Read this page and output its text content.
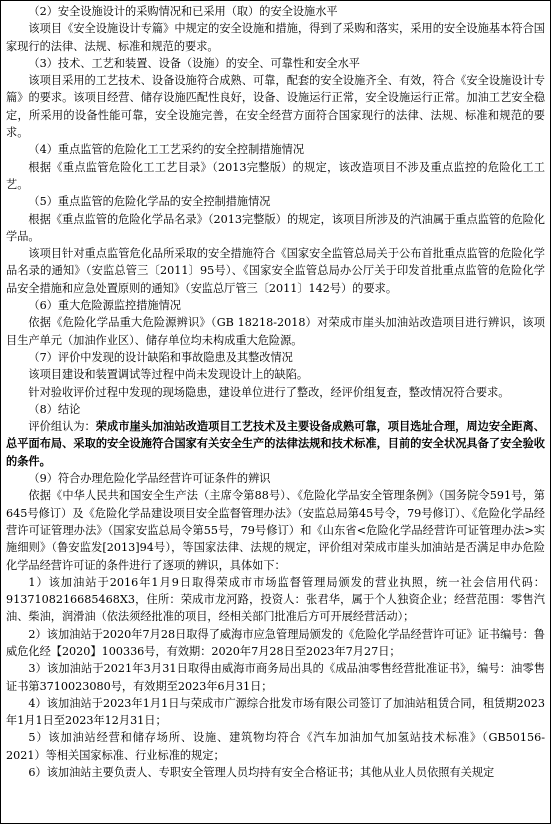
（2）安全设施设计的采购情况和已采用（取）的安全设施水平

该项目《安全设施设计专篇》中规定的安全设施和措施，得到了采购和落实，采用的安全设施基本符合国家现行的法律、法规、标准和规范的要求。

（3）技术、工艺和装置、设备（设施）的安全、可靠性和安全水平

该项目采用的工艺技术、设备设施符合成熟、可靠，配套的安全设施齐全、有效，符合《安全设施设计专篇》的要求。该项目经营、储存设施匹配性良好，设备、设施运行正常，安全设施运行正常。加油工艺安全稳定，所采用的设备性能可靠，安全设施完善，在安全经营方面符合国家现行的法律、法规、标准和规范的要求。

（4）重点监管的危险化工工艺采约的安全控制措施情况

根据《重点监管危险化工工艺目录》（2013完整版）的规定，该改造项目不涉及重点监控的危险化工工艺。

（5）重点监管的危险化学品的安全控制措施情况

根据《重点监管的危险化学品名录》（2013完整版）的规定，该项目所涉及的汽油属于重点监管的危险化学品。

该项目针对重点监管危化品所采取的安全措施符合《国家安全监管总局关于公布首批重点监管的危险化学品名录的通知》（安监总管三〔2011〕95号）、《国家安全监管总局办公厅关于印发首批重点监管的危险化学品安全措施和应急处置原则的通知》（安监总厅管三〔2011〕142号）的要求。

（6）重大危险源监控措施情况

依据《危险化学品重大危险源辨识》（GB 18218-2018）对荣成市崖头加油站改造项目进行辨识，该项目生产单元（加油作业区）、储存单位均未构成重大危险源。

（7）评价中发现的设计缺陷和事故隐患及其整改情况

该项目建设和装置调试等过程中尚未发现设计上的缺陷。

针对验收评价过程中发现的现场隐患，建设单位进行了整改，经评价组复查，整改情况符合要求。

（8）结论

评价组认为：荣成市崖头加油站改造项目工艺技术及主要设备成熟可靠，项目选址合理，周边安全距离、总平面布局、采取的安全设施符合国家有关安全生产的法律法规和技术标准，目前的安全状况具备了安全验收的条件。

（9）符合办理危险化学品经营许可证条件的辨识

依据《中华人民共和国安全生产法（主席令第88号）、《危险化学品安全管理条例》（国务院令591号，第645号修订）及《危险化学品建设项目安全监督管理办法》（安监总局第45号令，79号修订）、《危险化学品经营许可证管理办法》（国家安监总局令第55号，79号修订）和《山东省<危险化学品经营许可证管理办法>实施细则》（鲁安监发[2013]94号），等国家法律、法规的规定，评价组对荣成市崖头加油站是否满足申办危险化学品经营许可证的条件进行了逐项的辨识，具体如下：

1）该加油站于2016年1月9日取得荣成市市场监督管理局颁发的营业执照，统一社会信用代码：9137108216685468X3，住所：荣成市龙河路，投资人：张君华，属于个人独资企业；经营范围：零售汽油、柴油，润滑油（依法须经批准的项目，经相关部门批准后方可开展经营活动）；

2）该加油站于2020年7月28日取得了威海市应急管理局颁发的《危险化学品经营许可证》证书编号：鲁威危化经【2020】100336号，有效期：2020年7月28日至2023年7月27日；

3）该加油站于2021年3月31日取得由威海市商务局出具的《成品油零售经营批准证书》，编号：油零售证书第3710023080号，有效期至2023年6月31日；

4）该加油站于2023年1月1日与荣成市广源综合批发市场有限公司签订了加油站租赁合同，租赁期2023年1月1日至2023年12月31日；

5）该加油站经营和储存场所、设施、建筑物均符合《汽车加油加气加氢站技术标准》（GB50156-2021）等相关国家标准、行业标准的规定；

6）该加油站主要负责人、专职安全管理人员均持有安全合格证书；其他从业人员依照有关规定
